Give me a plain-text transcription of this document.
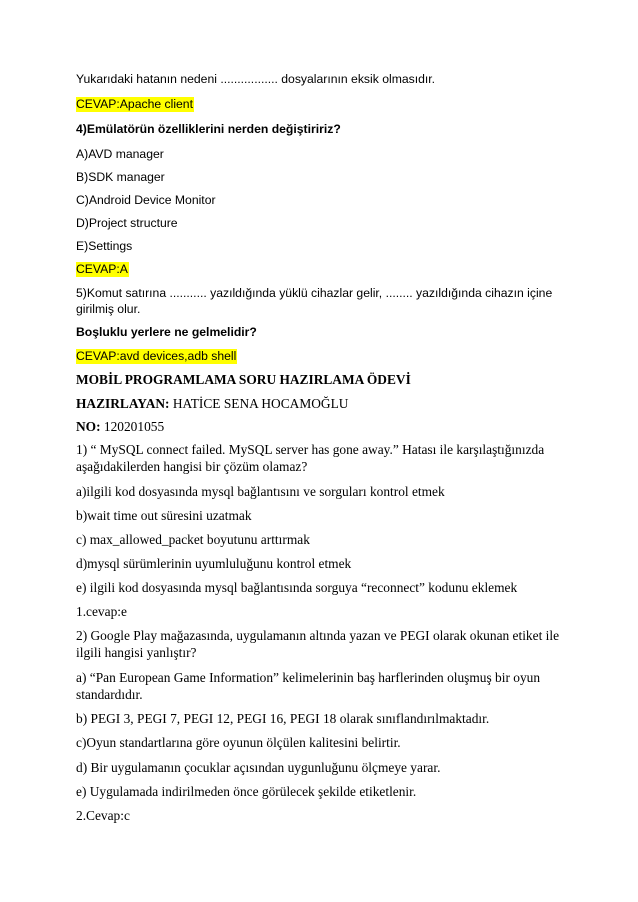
Yukarıdaki hatanın nedeni ................. dosyalarının eksik olmasıdır.

CEVAP:Apache client

4)Emülatörün özelliklerini nerden değiştiririz?

A)AVD manager

B)SDK manager

C)Android Device Monitor

D)Project structure

E)Settings

CEVAP:A

5)Komut satırına ........... yazıldığında yüklü cihazlar gelir, ........ yazıldığında cihazın içine

girilmiş olur.

Boşluklu yerlere ne gelmelidir?

CEVAP:avd devices,adb shell

MOBİL PROGRAMLAMA SORU HAZIRLAMA ÖDEVİ

HAZIRLAYAN: HATİCE SENA HOCAMOĞLU

NO: 120201055

1) “ MySQL connect failed. MySQL server has gone away.” Hatası ile karşılaştığınızda

aşağıdakilerden hangisi bir çözüm olamaz?

a)ilgili kod dosyasında mysql bağlantısını ve sorguları kontrol etmek

b)wait time out süresini uzatmak

c) max_allowed_packet boyutunu arttırmak

d)mysql sürümlerinin uyumluluğunu kontrol etmek

e) ilgili kod dosyasında mysql bağlantısında sorguya “reconnect” kodunu eklemek

1.cevap:e

2) Google Play mağazasında, uygulamanın altında yazan ve PEGI olarak okunan etiket ile

ilgili hangisi yanlıştır?

a) “Pan European Game Information” kelimelerinin baş harflerinden oluşmuş bir oyun

standardıdır.

b) PEGI 3, PEGI 7, PEGI 12, PEGI 16, PEGI 18 olarak sınıflandırılmaktadır.

c)Oyun standartlarına göre oyunun ölçülen kalitesini belirtir.

d) Bir uygulamanın çocuklar açısından uygunluğunu ölçmeye yarar.

e) Uygulamada indirilmeden önce görülecek şekilde etiketlenir.

2.Cevap:c
